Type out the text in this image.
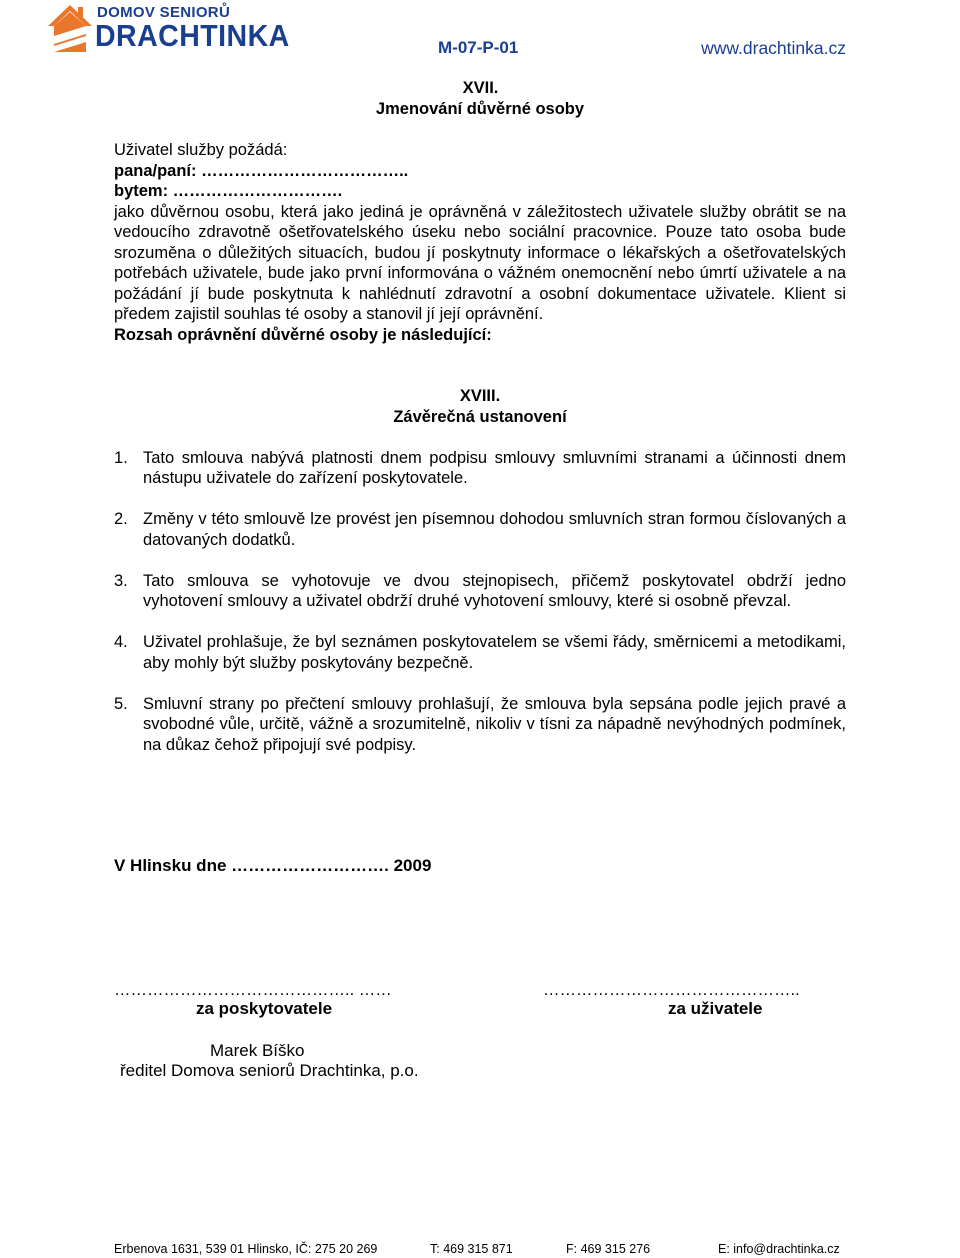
DOMOV SENIORŮ
DRACHTINKA	M-07-P-01	www.drachtinka.cz
XVII.
Jmenování důvěrné osoby
Uživatel služby požádá:
pana/paní: ………………………………..
bytem: ………………………….
jako důvěrnou osobu, která jako jediná je oprávněná v záležitostech uživatele služby obrátit se na vedoucího zdravotně ošetřovatelského úseku nebo sociální pracovnice. Pouze tato osoba bude srozuměna o důležitých situacích, budou jí poskytnuty informace o lékařských a ošetřovatelských potřebách uživatele, bude jako první informována o vážném onemocnění nebo úmrtí uživatele a na požádání jí bude poskytnuta k nahlédnutí zdravotní a osobní dokumentace uživatele. Klient si předem zajistil souhlas té osoby a stanovil jí její oprávnění.
Rozsah oprávnění důvěrné osoby je následující:
XVIII.
Závěrečná ustanovení
1. Tato smlouva nabývá platnosti dnem podpisu smlouvy smluvními stranami a účinnosti dnem nástupu uživatele do zařízení poskytovatele.
2. Změny v této smlouvě lze provést jen písemnou dohodou smluvních stran formou číslovaných a datovaných dodatků.
3. Tato smlouva se vyhotovuje ve dvou stejnopisech, přičemž poskytovatel obdrží jedno vyhotovení smlouvy a uživatel obdrží druhé vyhotovení smlouvy, které si osobně převzal.
4. Uživatel prohlašuje, že byl seznámen poskytovatelem se všemi řády, směrnicemi a metodikami, aby mohly být služby poskytovány bezpečně.
5. Smluvní strany po přečtení smlouvy prohlašují, že smlouva byla sepsána podle jejich pravé a svobodné vůle, určitě, vážně a srozumitelně, nikoliv v tísni za nápadně nevýhodných podmínek, na důkaz čehož připojují své podpisy.
V Hlinsku dne ………………………. 2009
…………………………………….. ……	………………………………………..
za poskytovatele	za uživatele
Marek Bíško
ředitel Domova seniorů Drachtinka, p.o.
Erbenova 1631, 539 01 Hlinsko, IČ: 275 20 269	T: 469 315 871	F: 469 315 276	E: info@drachtinka.cz
